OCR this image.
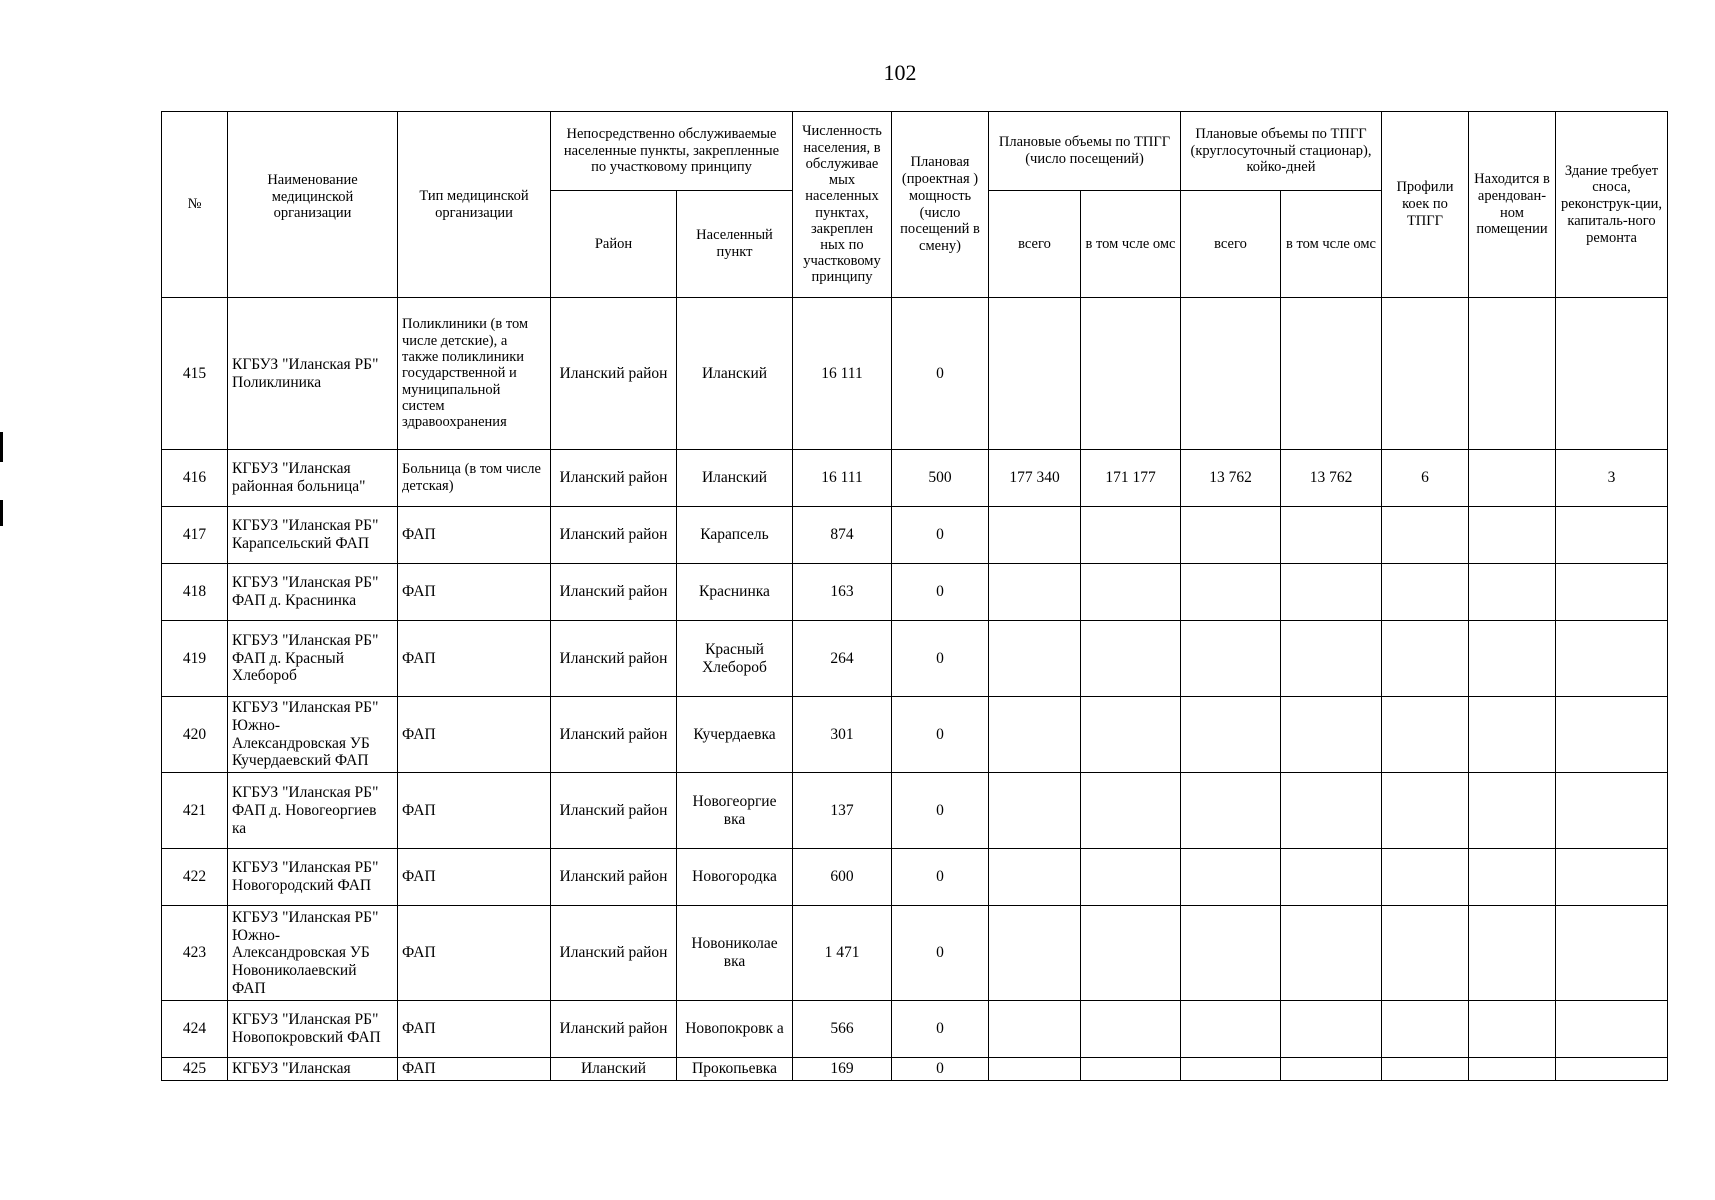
102
№	Наименование медицинской организации	Тип медицинской организации	Непосредственно обслуживаемые населенные пункты, закрепленные по участковому принципу		Численность населения, в обслуживае мых населенных пунктах, закреплен ных по участковому принципу	Плановая (проектная ) мощность (число посещений в смену)	Плановые объемы по ТПГГ (число посещений)		Плановые объемы по ТПГГ (круглосуточный стационар), койко-дней		Профили коек по ТПГГ	Находится в арендован-ном помещении	Здание требует сноса, реконструк-ции, капиталь-ного ремонта
			Район	Населенный пункт			всего	в том чсле омс	всего	в том чсле омс			
415	КГБУЗ "Иланская РБ" Поликлиника	Поликлиники (в том числе детские), а также поликлиники государственной и муниципальной систем здравоохранения	Иланский район	Иланский	16 111	0							
416	КГБУЗ "Иланская районная больница"	Больница (в том числе детская)	Иланский район	Иланский	16 111	500	177 340	171 177	13 762	13 762	6		3
417	КГБУЗ "Иланская РБ" Карапсельский ФАП	ФАП	Иланский район	Карапсель	874	0							
418	КГБУЗ "Иланская РБ" ФАП д. Краснинка	ФАП	Иланский район	Краснинка	163	0							
419	КГБУЗ "Иланская РБ" ФАП д. Красный Хлебороб	ФАП	Иланский район	Красный Хлебороб	264	0							
420	КГБУЗ "Иланская РБ" Южно-Александровская УБ Кучердаевский ФАП	ФАП	Иланский район	Кучердаевка	301	0							
421	КГБУЗ "Иланская РБ" ФАП д. Новогеоргиев ка	ФАП	Иланский район	Новогеоргие вка	137	0							
422	КГБУЗ "Иланская РБ" Новогородский ФАП	ФАП	Иланский район	Новогородка	600	0							
423	КГБУЗ "Иланская РБ" Южно-Александровская УБ Новониколаевский ФАП	ФАП	Иланский район	Новониколае вка	1 471	0							
424	КГБУЗ "Иланская РБ" Новопокровский ФАП	ФАП	Иланский район	Новопокровк а	566	0							
425	КГБУЗ "Иланская	ФАП	Иланский	Прокопьевка	169	0							
